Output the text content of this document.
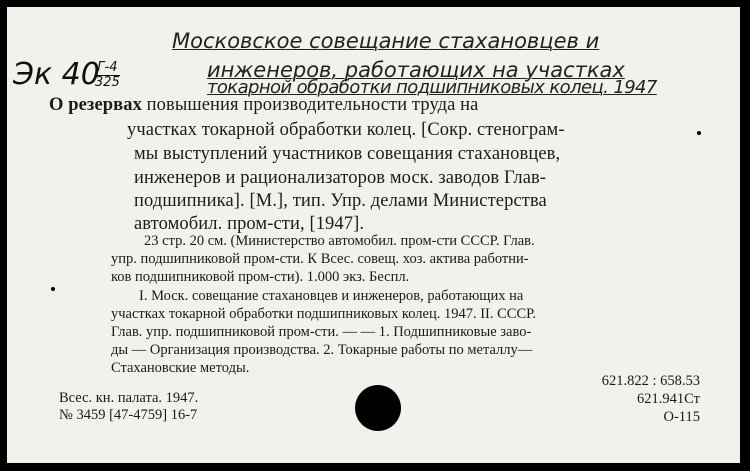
Московское совещание стахановцев и
инженеров, работающих на участках
токарной обработки подшипниковых колец. 1947
Эк 40
Г-4
325
О резервах повышения производительности труда на
участках токарной обработки колец. [Сокр. стенограм-
мы выступлений участников совещания стахановцев,
инженеров и рационализаторов моск. заводов Глав-
подшипника]. [М.], тип. Упр. делами Министерства
автомобил. пром-сти, [1947].
23 стр. 20 см. (Министерство автомобил. пром-сти СССР. Глав.
упр. подшипниковой пром-сти. К Всес. совещ. хоз. актива работни-
ков подшипниковой пром-сти). 1.000 экз. Беспл.
I. Моск. совещание стахановцев и инженеров, работающих на
участках токарной обработки подшипниковых колец. 1947. II. СССР.
Глав. упр. подшипниковой пром-сти. — — 1. Подшипниковые заво-
ды — Организация производства. 2. Токарные работы по металлу—
Стахановские методы.
Всес. кн. палата. 1947.
№ 3459 [47-4759] 16-7
621.822 : 658.53
621.941Ст
О-115
